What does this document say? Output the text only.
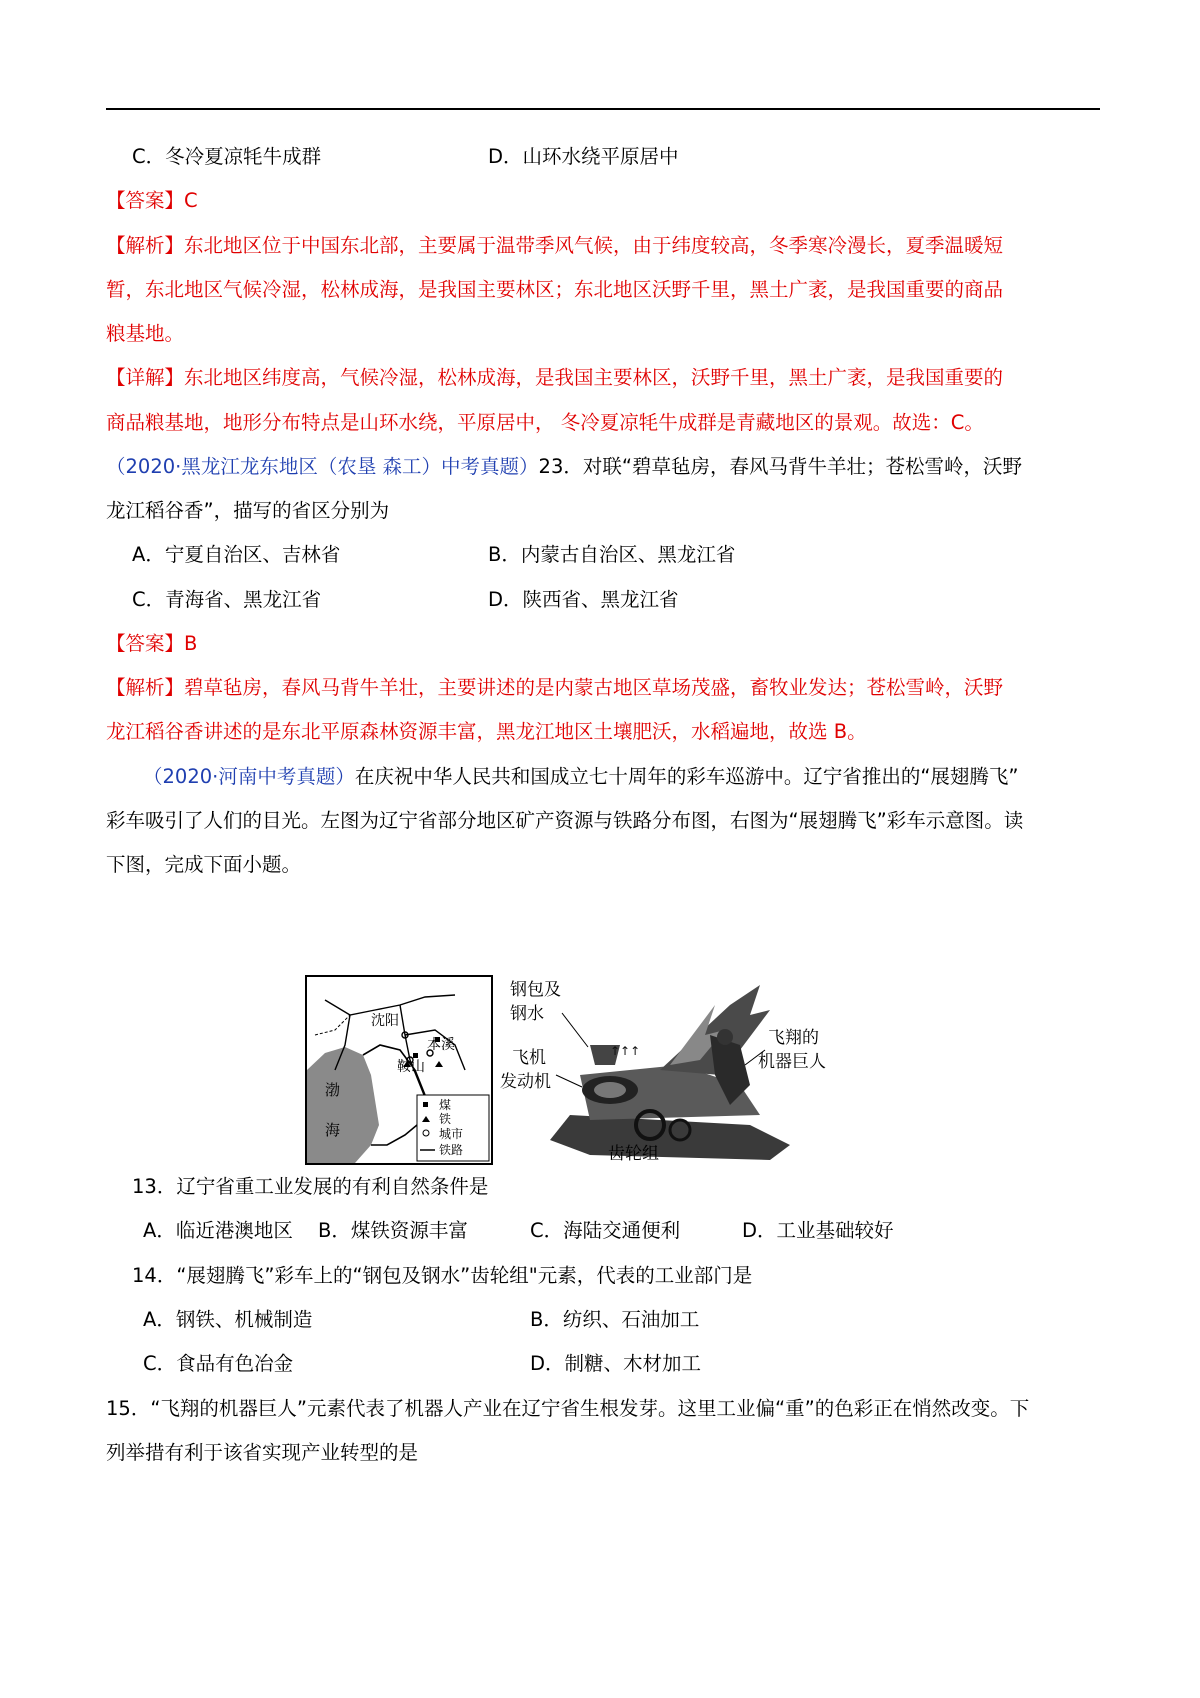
C．冬冷夏凉牦牛成群	D．山环水绕平原居中
【答案】C
【解析】东北地区位于中国东北部，主要属于温带季风气候，由于纬度较高，冬季寒冷漫长，夏季温暖短
暂，东北地区气候冷湿，松林成海，是我国主要林区；东北地区沃野千里，黑土广袤，是我国重要的商品
粮基地。
【详解】东北地区纬度高，气候冷湿，松林成海，是我国主要林区，沃野千里，黑土广袤，是我国重要的
商品粮基地，地形分布特点是山环水绕，平原居中， 冬冷夏凉牦牛成群是青藏地区的景观。故选：C。
（2020·黑龙江龙东地区（农垦 森工）中考真题）23．对联“碧草毡房，春风马背牛羊壮；苍松雪岭，沃野
龙江稻谷香”，描写的省区分别为
A．宁夏自治区、吉林省	B．内蒙古自治区、黑龙江省
C．青海省、黑龙江省	D．陕西省、黑龙江省
【答案】B
【解析】碧草毡房，春风马背牛羊壮，主要讲述的是内蒙古地区草场茂盛，畜牧业发达；苍松雪岭，沃野
龙江稻谷香讲述的是东北平原森林资源丰富，黑龙江地区土壤肥沃，水稻遍地，故选 B。
（2020·河南中考真题）在庆祝中华人民共和国成立七十周年的彩车巡游中。辽宁省推出的“展翅腾飞”
彩车吸引了人们的目光。左图为辽宁省部分地区矿产资源与铁路分布图，右图为“展翅腾飞”彩车示意图。读
下图，完成下面小题。
沈阳
本溪
鞍山
渤
海
煤
铁
城市
铁路
↑↑↑
钢包及
钢水
飞机
发动机
齿轮组
飞翔的
机器巨人
13．辽宁省重工业发展的有利自然条件是
A．临近港澳地区 B．煤铁资源丰富	C．海陆交通便利	D．工业基础较好
14．“展翅腾飞”彩车上的“钢包及钢水”齿轮组"元素，代表的工业部门是
A．钢铁、机械制造	B．纺织、石油加工
C．食品有色冶金	D．制糖、木材加工
15．“飞翔的机器巨人”元素代表了机器人产业在辽宁省生根发芽。这里工业偏“重”的色彩正在悄然改变。下
列举措有利于该省实现产业转型的是
